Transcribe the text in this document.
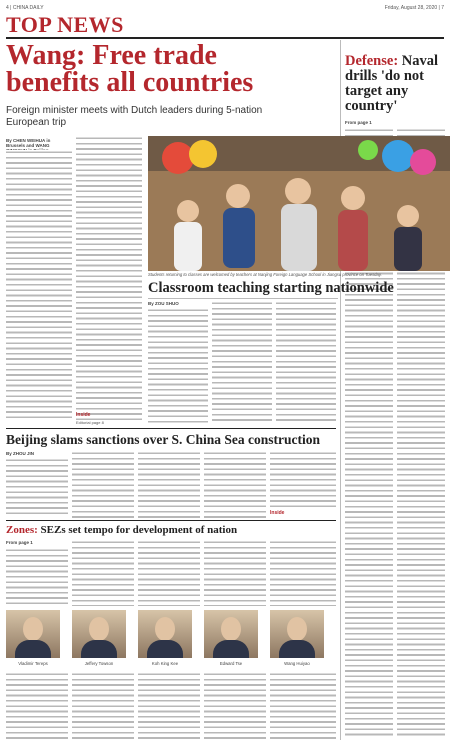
4 | CHINA DAILY	Friday, August 28, 2020 | 7
TOP NEWS
Wang: Free trade benefits all countries
Foreign minister meets with Dutch leaders during 5-nation European trip
By CHEN WEIHUA in Brussels and WANG
Inside
Defense: Naval drills 'do not target any country'
From page 1
Students returning to classes are welcomed by teachers at Nanjing Foreign Language School in Jiangsu province on Tuesday.
Classroom teaching starting nationwide
By ZOU SHUO
Beijing slams sanctions over S. China Sea construction
By ZHOU JIN
Inside
Zones: SEZs set tempo for development of nation
From page 1
Vladimir Tereps	Jeffery Towson	Koh King Kee	Edward Tse	Wang Huiyao
Editorial page 8
